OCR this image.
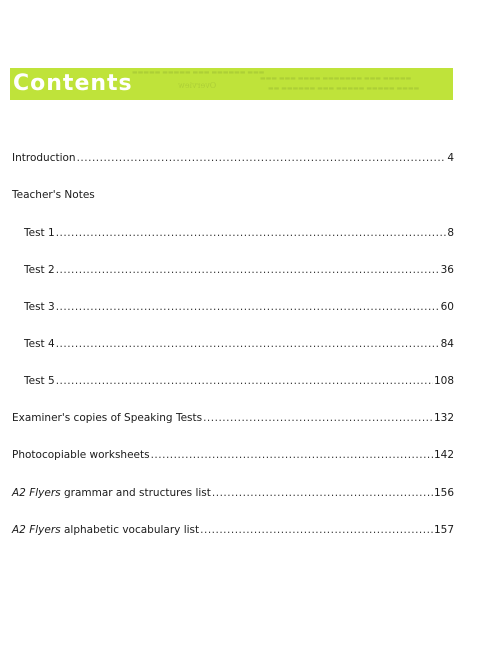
​▬▬▬ ▬▬▬▬▬▬ ▬▬▬ ▬▬▬▬▬ ▬▬▬▬▬
Overview
▬▬▬▬▬ ▬▬▬ ▬▬▬▬▬▬▬ ▬▬▬▬ ▬▬▬ ▬▬▬
▬▬▬▬ ▬▬▬▬▬ ▬▬▬▬▬ ▬▬▬ ▬▬▬▬▬▬ ▬▬
Contents
Introduction .....	4
Teacher's Notes
Test 1 .....	8
Test 2 .....	36
Test 3 .....	60
Test 4 .....	84
Test 5 .....	108
Examiner's copies of Speaking Tests .....	132
Photocopiable worksheets .....	142
A2 Flyers grammar and structures list .....	156
A2 Flyers alphabetic vocabulary list .....	157
